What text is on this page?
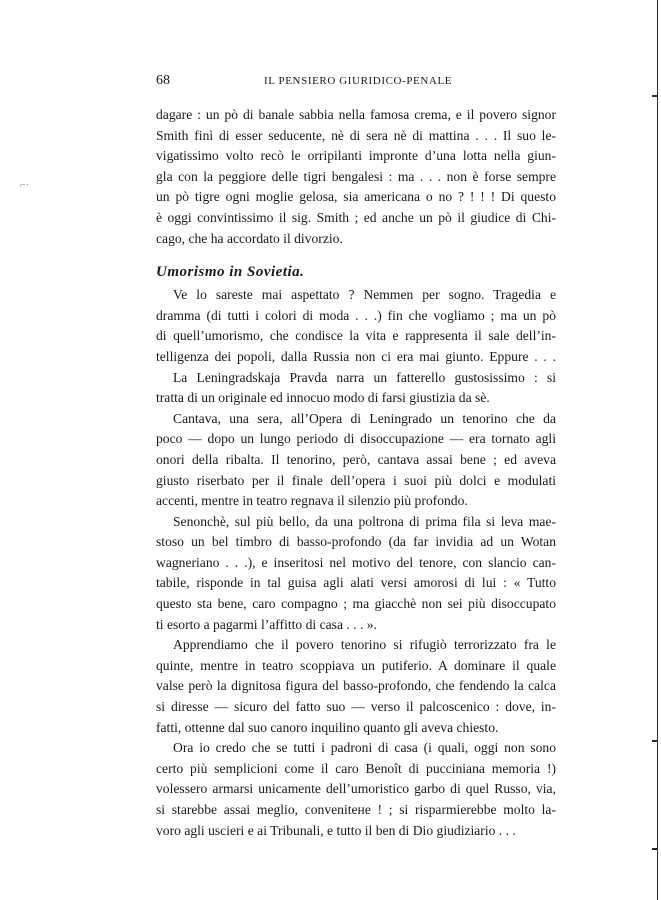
⌐·
68	IL PENSIERO GIURIDICO-PENALE
dagare : un pò di banale sabbia nella famosa crema, e il povero signor
Smith finì di esser seducente, nè di sera nè di mattina . . . Il suo le-
vigatissimo volto recò le orripilanti impronte d’una lotta nella giun-
gla con la peggiore delle tigri bengalesi : ma . . . non è forse sempre
un pò tigre ogni moglie gelosa, sia americana o no ? ! ! ! Di questo
è oggi convintissimo il sig. Smith ; ed anche un pò il giudice di Chi-
cago, che ha accordato il divorzio.
Umorismo in Sovietia.
Ve lo sareste mai aspettato ? Nemmen per sogno. Tragedia e
dramma (di tutti i colori di moda . . .) fin che vogliamo ; ma un pò
di quell’umorismo, che condisce la vita e rappresenta il sale dell’in-
telligenza dei popoli, dalla Russia non ci era mai giunto. Eppure . . .
La Leningradskaja Pravda narra un fatterello gustosissimo : si
tratta di un originale ed innocuo modo di farsi giustizia da sè.
Cantava, una sera, all’Opera di Leningrado un tenorino che da
poco — dopo un lungo periodo di disoccupazione — era tornato agli
onori della ribalta. Il tenorino, però, cantava assai bene ; ed aveva
giusto riserbato per il finale dell’opera i suoi più dolci e modulati
accenti, mentre in teatro regnava il silenzio più profondo.
Senonchè, sul più bello, da una poltrona di prima fila si leva mae-
stoso un bel timbro di basso-profondo (da far invidia ad un Wotan
wagneriano . . .), e inseritosi nel motivo del tenore, con slancio can-
tabile, risponde in tal guisa agli alati versi amorosi di lui : « Tutto
questo sta bene, caro compagno ; ma giacchè non sei più disoccupato
ti esorto a pagarmi l’affitto di casa . . . ».
Apprendiamo che il povero tenorino si rifugiò terrorizzato fra le
quinte, mentre in teatro scoppiava un putiferio. A dominare il quale
valse però la dignitosa figura del basso-profondo, che fendendo la calca
si diresse — sicuro del fatto suo — verso il palcoscenico : dove, in-
fatti, ottenne dal suo canoro inquilino quanto gli aveva chiesto.
Ora io credo che se tutti i padroni di casa (i quali, oggi non sono
certo più semplicioni come il caro Benoît di pucciniana memoria !)
volessero armarsi unicamente dell’umoristico garbo di quel Russo, via,
si starebbe assai meglio, conveniteне ! ; si risparmierebbe molto la-
voro agli uscieri e ai Tribunali, e tutto il ben di Dio giudiziario . . .
